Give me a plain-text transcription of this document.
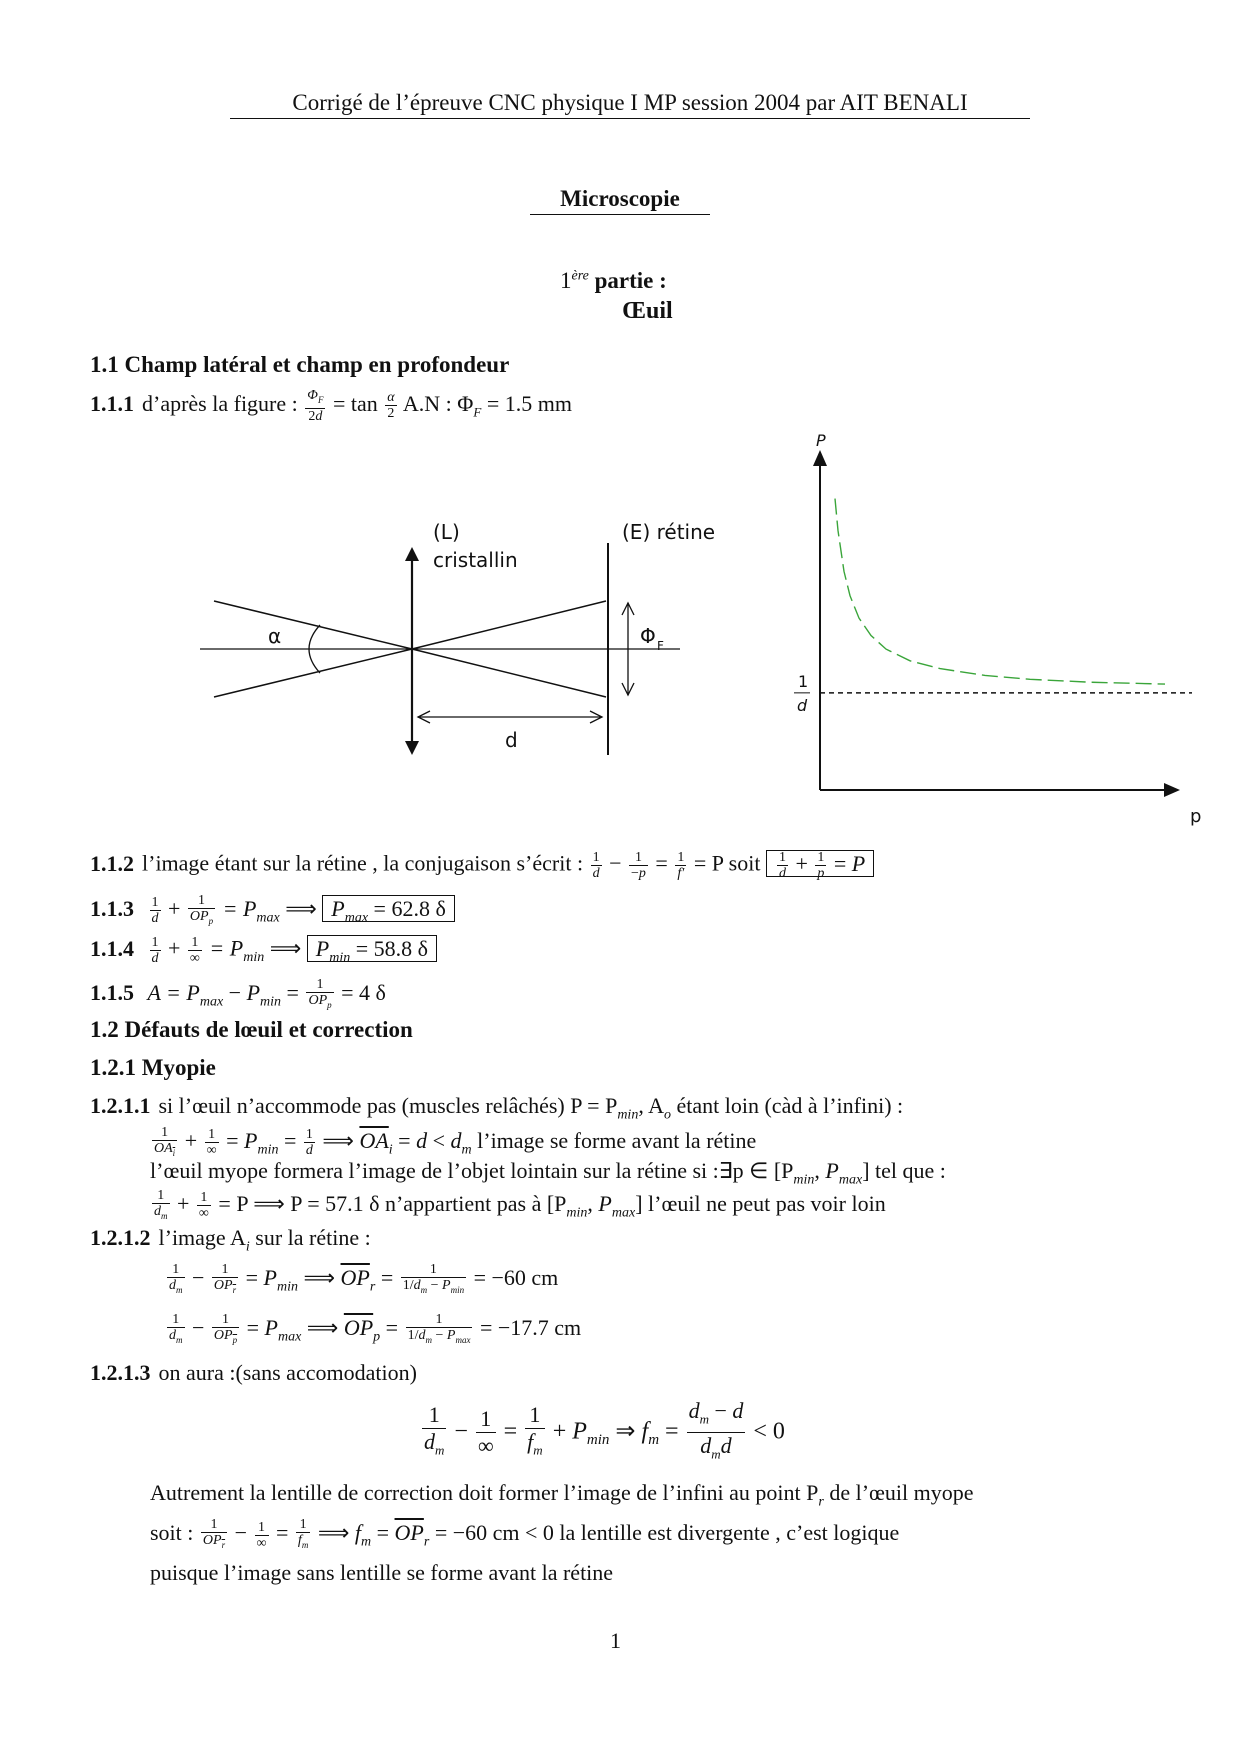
Corrigé de l’épreuve CNC physique I MP session 2004 par AIT BENALI
Microscopie
1ère partie :
Œuil
1.1 Champ latéral et champ en profondeur
1.1.1 d’après la figure : $\frac{\Phi_F}{2d} = \tan \frac{\alpha}{2} A.N$ : $\Phi_F = 1.5$ mm
(L)
cristallin
(E) rétine
α	Φ F
d
P
p
1
d
1.1.2 l’image étant sur la rétine , la conjugaison s’écrit : $\frac{1}{d} - \frac{1}{-p} = \frac{1}{f'} = P$ soit $\frac{1}{d} + \frac{1}{p} = P$
$1.1.3 \frac{1}{d} + \frac{1}{OP_p} = P_{max}$ ⟹ $P_{max} = 62.8$ δ
$1.1.4 \frac{1}{d} + \frac{1}{\infty} = P_{min}$ ⟹ $P_{min} = 58.8$ δ
1.1.5 $A = P_{max} - P_{min} = \frac{1}{OP_p} = 4$ δ
1.2 Défauts de lœuil et correction
1.2.1 Myopie
1.2.1.1 si l’œuil n’accommode pas (muscles relâchés) $P = P_{min}$, $A_o$ étant loin (càd à l’infini) :
$\frac{1}{OA_i} + \frac{1}{\infty} = P_{min} = \frac{1}{d}$ ⟹ $\overline{OA}_i = d < d_m$ l’image se forme avant la rétine
l’œuil myope formera l’image de l’objet lointain sur la rétine si :∃p ∈ [$P_{min}$, $P_{max}$] tel que :
$\frac{1}{d_m} + \frac{1}{\infty} = P$ ⟹ P = 57.1 δ n’appartient pas à [$P_{min}$, $P_{max}$] l’œuil ne peut pas voir loin
1.2.1.2 l’image $A_i$ sur la rétine :
$\frac{1}{d_m} - \frac{1}{OP_r} = P_{min}$ ⟹ $\overline{OP}_r = \frac{1}{1/d_m - P_{min}} = -60$ cm
$\frac{1}{d_m} - \frac{1}{OP_p} = P_{max}$ ⟹ $\overline{OP}_p = \frac{1}{1/d_m - P_{max}} = -17.7$ cm
1.2.1.3 on aura :(sans accomodation)
$\frac{1}{d_m} - \frac{1}{\infty} = \frac{1}{f_m} + P_{min}$ ⇒ $f_m = \frac{d_m - d}{d_md} < 0$
Autrement la lentille de correction doit former l’image de l’infini au point $P_r$ de l’œuil myope
soit : $\frac{1}{OP_r} - \frac{1}{\infty} = \frac{1}{f_m}$ ⟹ $f_m = \overline{OP}_r = -60$ cm < 0 la lentille est divergente , c’est logique
puisque l’image sans lentille se forme avant la rétine
1
